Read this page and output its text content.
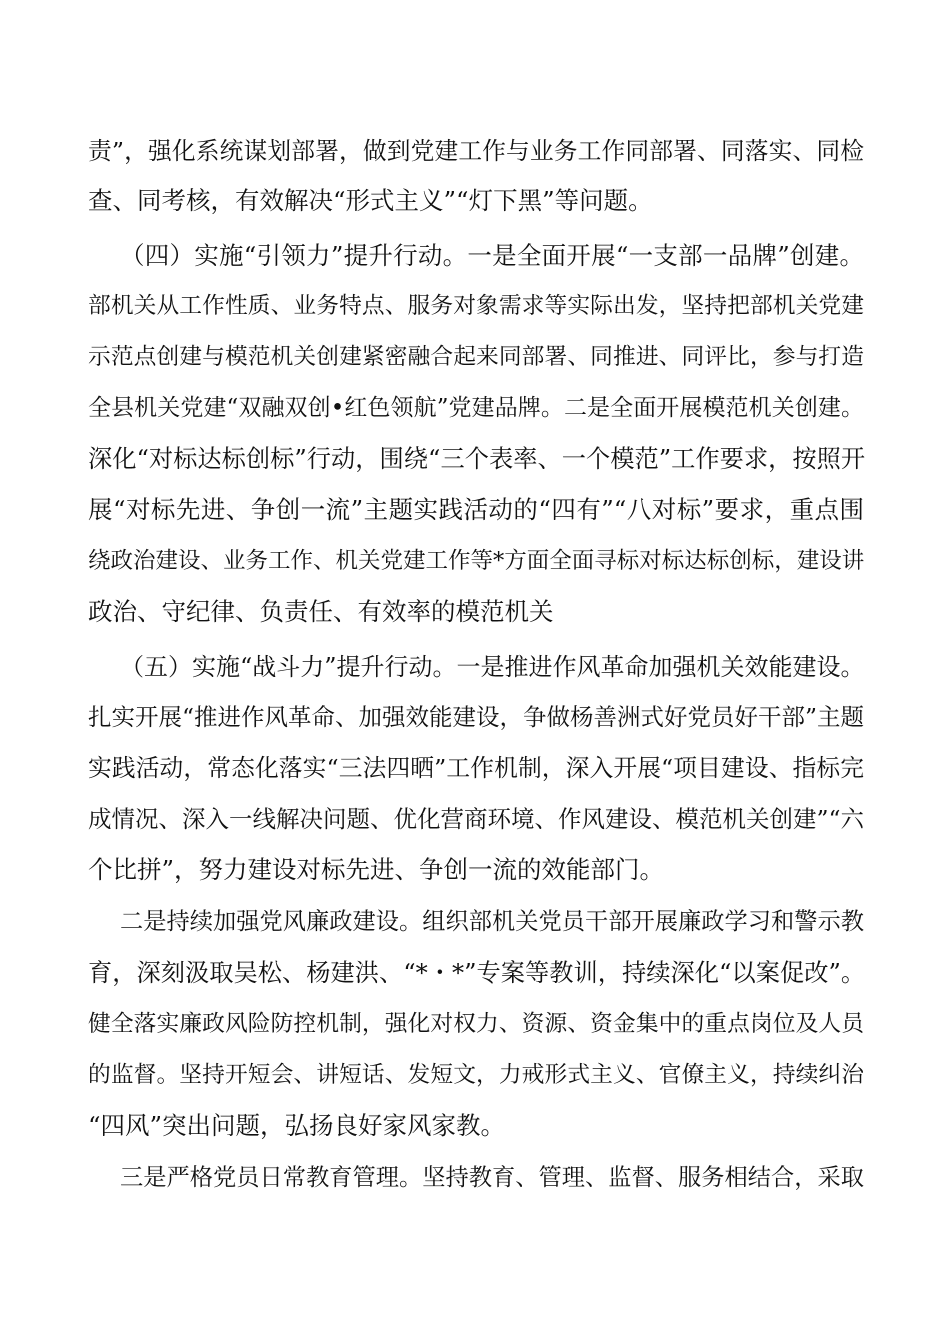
责”，强化系统谋划部署，做到党建工作与业务工作同部署、同落实、同检
查、同考核，有效解决“形式主义”“灯下黑”等问题。
（四）实施“引领力”提升行动。一是全面开展“一支部一品牌”创建。
部机关从工作性质、业务特点、服务对象需求等实际出发，坚持把部机关党建
示范点创建与模范机关创建紧密融合起来同部署、同推进、同评比，参与打造
全县机关党建“双融双创•红色领航”党建品牌。二是全面开展模范机关创建。
深化“对标达标创标”行动，围绕“三个表率、一个模范”工作要求，按照开
展“对标先进、争创一流”主题实践活动的“四有”“八对标”要求，重点围
绕政治建设、业务工作、机关党建工作等*方面全面寻标对标达标创标，建设讲
政治、守纪律、负责任、有效率的模范机关
（五）实施“战斗力”提升行动。一是推进作风革命加强机关效能建设。
扎实开展“推进作风革命、加强效能建设，争做杨善洲式好党员好干部”主题
实践活动，常态化落实“三法四晒”工作机制，深入开展“项目建设、指标完
成情况、深入一线解决问题、优化营商环境、作风建设、模范机关创建”“六
个比拼”，努力建设对标先进、争创一流的效能部门。
二是持续加强党风廉政建设。组织部机关党员干部开展廉政学习和警示教
育，深刻汲取吴松、杨建洪、“*・*”专案等教训，持续深化“以案促改”。
健全落实廉政风险防控机制，强化对权力、资源、资金集中的重点岗位及人员
的监督。坚持开短会、讲短话、发短文，力戒形式主义、官僚主义，持续纠治
“四风”突出问题，弘扬良好家风家教。
三是严格党员日常教育管理。坚持教育、管理、监督、服务相结合，采取
